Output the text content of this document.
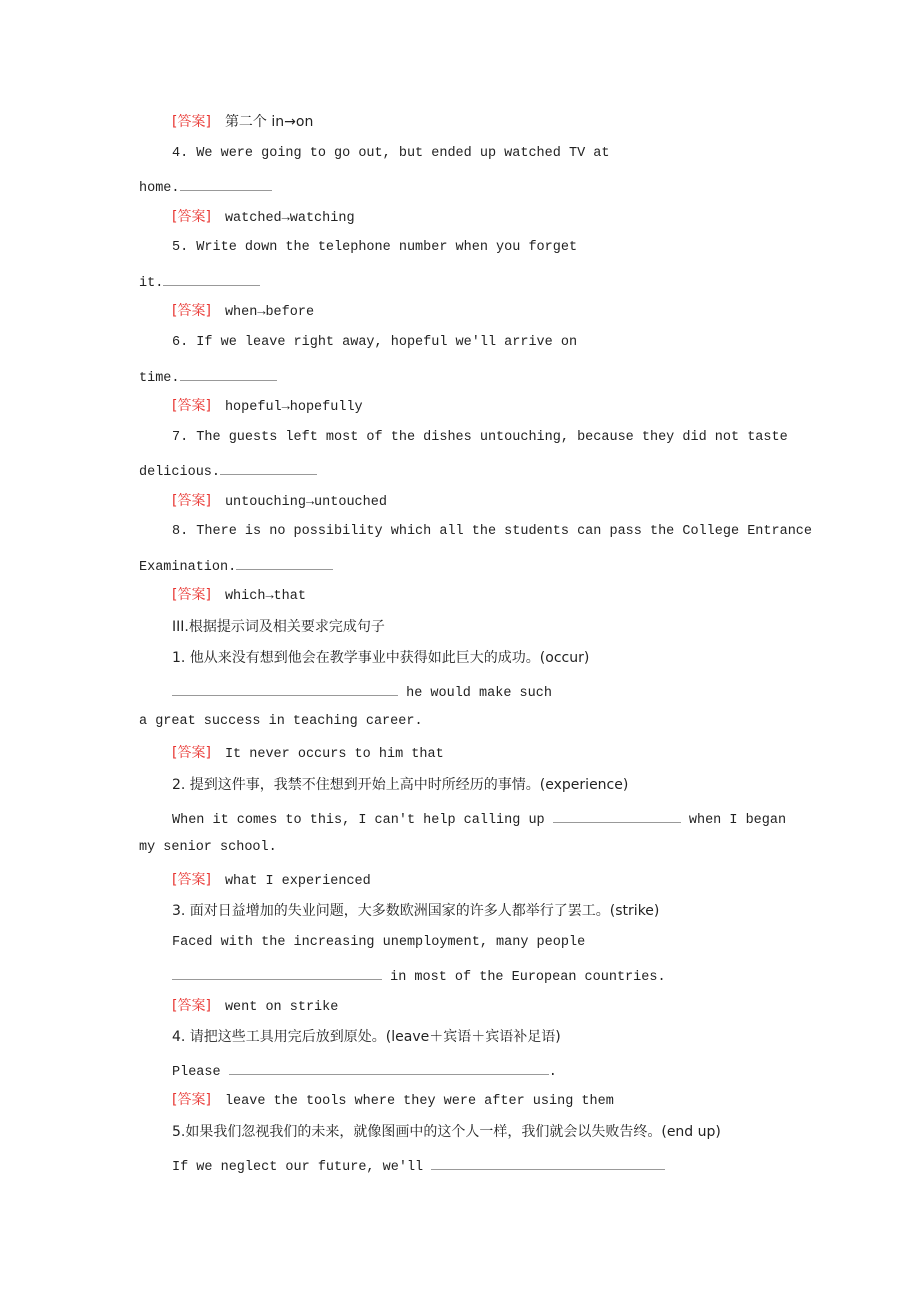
[答案] 第二个 in→on
4. We were going to go out, but ended up watched TV at
home.
[答案] watched→watching
5. Write down the telephone number when you forget
it.
[答案] when→before
6. If we leave right away, hopeful we'll arrive on
time.
[答案] hopeful→hopefully
7. The guests left most of the dishes untouching, because they did not taste
delicious.
[答案] untouching→untouched
8. There is no possibility which all the students can pass the College Entrance
Examination.
[答案] which→that
III.根据提示词及相关要求完成句子
1. 他从来没有想到他会在教学事业中获得如此巨大的成功。(occur)
he would make such
a great success in teaching career.
[答案] It never occurs to him that
2. 提到这件事，我禁不住想到开始上高中时所经历的事情。(experience)
When it comes to this, I can't help calling up	when I began
my senior school.
[答案] what I experienced
3. 面对日益增加的失业问题，大多数欧洲国家的许多人都举行了罢工。(strike)
Faced with the increasing unemployment, many people
in most of the European countries.
[答案] went on strike
4. 请把这些工具用完后放到原处。(leave＋宾语＋宾语补足语)
Please	.
[答案] leave the tools where they were after using them
5.如果我们忽视我们的未来，就像图画中的这个人一样，我们就会以失败告终。(end up)
If we neglect our future, we'll
